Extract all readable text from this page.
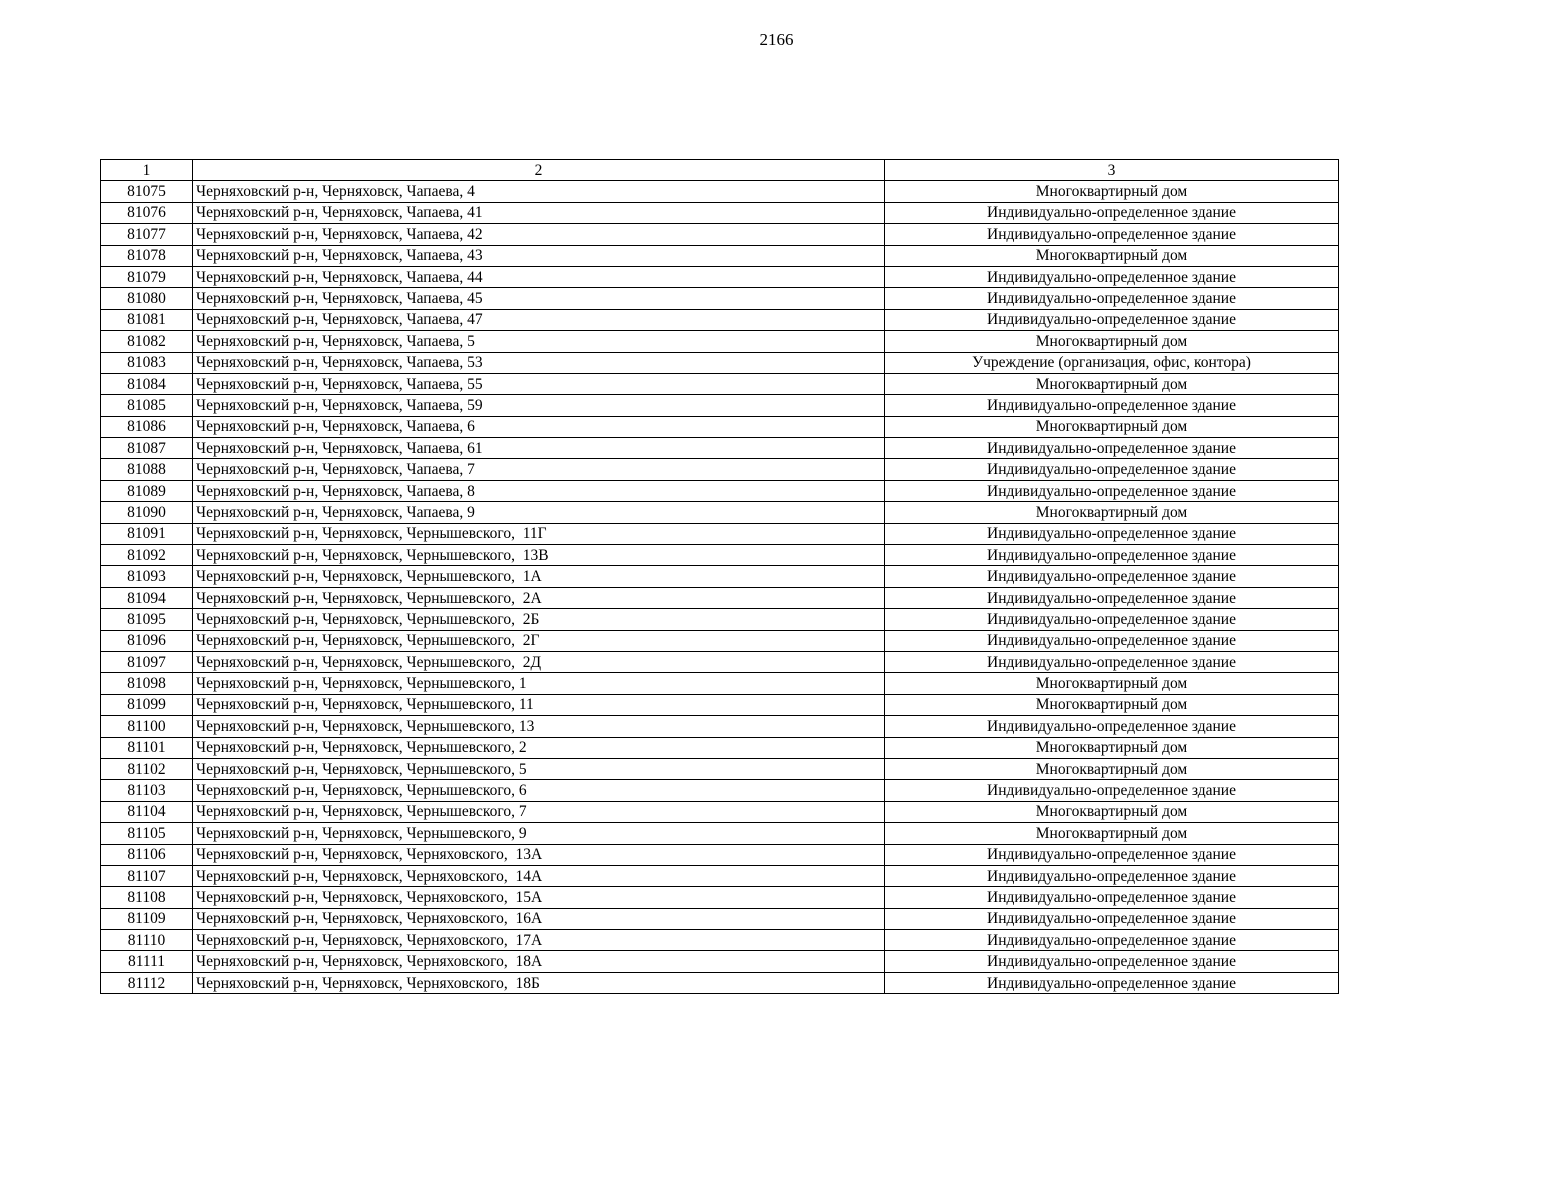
2166
1	2	3
81075	Черняховский р-н, Черняховск, Чапаева, 4	Многоквартирный дом
81076	Черняховский р-н, Черняховск, Чапаева, 41	Индивидуально-определенное здание
81077	Черняховский р-н, Черняховск, Чапаева, 42	Индивидуально-определенное здание
81078	Черняховский р-н, Черняховск, Чапаева, 43	Многоквартирный дом
81079	Черняховский р-н, Черняховск, Чапаева, 44	Индивидуально-определенное здание
81080	Черняховский р-н, Черняховск, Чапаева, 45	Индивидуально-определенное здание
81081	Черняховский р-н, Черняховск, Чапаева, 47	Индивидуально-определенное здание
81082	Черняховский р-н, Черняховск, Чапаева, 5	Многоквартирный дом
81083	Черняховский р-н, Черняховск, Чапаева, 53	Учреждение (организация, офис, контора)
81084	Черняховский р-н, Черняховск, Чапаева, 55	Многоквартирный дом
81085	Черняховский р-н, Черняховск, Чапаева, 59	Индивидуально-определенное здание
81086	Черняховский р-н, Черняховск, Чапаева, 6	Многоквартирный дом
81087	Черняховский р-н, Черняховск, Чапаева, 61	Индивидуально-определенное здание
81088	Черняховский р-н, Черняховск, Чапаева, 7	Индивидуально-определенное здание
81089	Черняховский р-н, Черняховск, Чапаева, 8	Индивидуально-определенное здание
81090	Черняховский р-н, Черняховск, Чапаева, 9	Многоквартирный дом
81091	Черняховский р-н, Черняховск, Чернышевского,  11Г	Индивидуально-определенное здание
81092	Черняховский р-н, Черняховск, Чернышевского,  13В	Индивидуально-определенное здание
81093	Черняховский р-н, Черняховск, Чернышевского,  1А	Индивидуально-определенное здание
81094	Черняховский р-н, Черняховск, Чернышевского,  2А	Индивидуально-определенное здание
81095	Черняховский р-н, Черняховск, Чернышевского,  2Б	Индивидуально-определенное здание
81096	Черняховский р-н, Черняховск, Чернышевского,  2Г	Индивидуально-определенное здание
81097	Черняховский р-н, Черняховск, Чернышевского,  2Д	Индивидуально-определенное здание
81098	Черняховский р-н, Черняховск, Чернышевского, 1	Многоквартирный дом
81099	Черняховский р-н, Черняховск, Чернышевского, 11	Многоквартирный дом
81100	Черняховский р-н, Черняховск, Чернышевского, 13	Индивидуально-определенное здание
81101	Черняховский р-н, Черняховск, Чернышевского, 2	Многоквартирный дом
81102	Черняховский р-н, Черняховск, Чернышевского, 5	Многоквартирный дом
81103	Черняховский р-н, Черняховск, Чернышевского, 6	Индивидуально-определенное здание
81104	Черняховский р-н, Черняховск, Чернышевского, 7	Многоквартирный дом
81105	Черняховский р-н, Черняховск, Чернышевского, 9	Многоквартирный дом
81106	Черняховский р-н, Черняховск, Черняховского,  13А	Индивидуально-определенное здание
81107	Черняховский р-н, Черняховск, Черняховского,  14А	Индивидуально-определенное здание
81108	Черняховский р-н, Черняховск, Черняховского,  15А	Индивидуально-определенное здание
81109	Черняховский р-н, Черняховск, Черняховского,  16А	Индивидуально-определенное здание
81110	Черняховский р-н, Черняховск, Черняховского,  17А	Индивидуально-определенное здание
81111	Черняховский р-н, Черняховск, Черняховского,  18А	Индивидуально-определенное здание
81112	Черняховский р-н, Черняховск, Черняховского,  18Б	Индивидуально-определенное здание
